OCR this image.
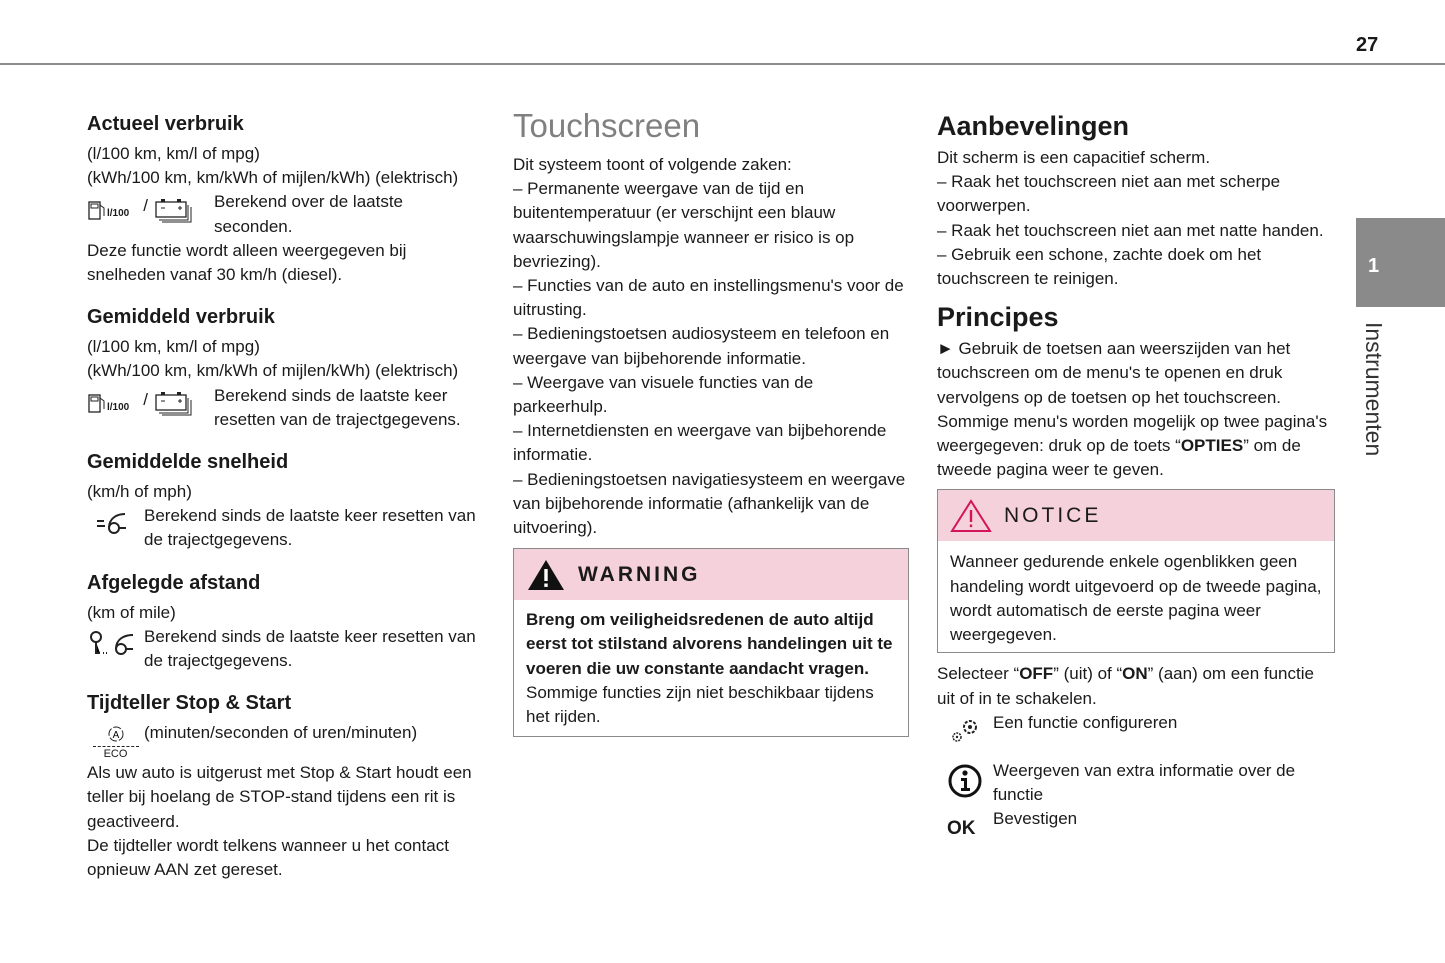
27
1
Instrumenten
Actueel verbruik
(l/100 km, km/l of mpg)
(kWh/100 km, km/kWh of mijlen/kWh) (elektrisch)
l/100 /	Berekend over de laatste seconden.
Deze functie wordt alleen weergegeven bij snelheden vanaf 30 km/h (diesel).
Gemiddeld verbruik
(l/100 km, km/l of mpg)
(kWh/100 km, km/kWh of mijlen/kWh) (elektrisch)
l/100 /	Berekend sinds de laatste keer resetten van de trajectgegevens.
Gemiddelde snelheid
(km/h of mph)
Berekend sinds de laatste keer resetten van de trajectgegevens.
Afgelegde afstand
(km of mile)
Berekend sinds de laatste keer resetten van de trajectgegevens.
Tijdteller Stop & Start
A
ECO
(minuten/seconden of uren/minuten)
Als uw auto is uitgerust met Stop & Start houdt een teller bij hoelang de STOP-stand tijdens een rit is geactiveerd.
De tijdteller wordt telkens wanneer u het contact opnieuw AAN zet gereset.
Touchscreen
Dit systeem toont of volgende zaken:
– Permanente weergave van de tijd en buitentemperatuur (er verschijnt een blauw waarschuwingslampje wanneer er risico is op bevriezing).
– Functies van de auto en instellingsmenu's voor de uitrusting.
– Bedieningstoetsen audiosysteem en telefoon en weergave van bijbehorende informatie.
– Weergave van visuele functies van de parkeerhulp.
– Internetdiensten en weergave van bijbehorende informatie.
– Bedieningstoetsen navigatiesysteem en weergave van bijbehorende informatie (afhankelijk van de uitvoering).
WARNING
Breng om veiligheidsredenen de auto altijd eerst tot stilstand alvorens handelingen uit te voeren die uw constante aandacht vragen.
Sommige functies zijn niet beschikbaar tijdens het rijden.
Aanbevelingen
Dit scherm is een capacitief scherm.
– Raak het touchscreen niet aan met scherpe voorwerpen.
– Raak het touchscreen niet aan met natte handen.
– Gebruik een schone, zachte doek om het touchscreen te reinigen.
Principes
► Gebruik de toetsen aan weerszijden van het touchscreen om de menu's te openen en druk vervolgens op de toetsen op het touchscreen.
Sommige menu's worden mogelijk op twee pagina's weergegeven: druk op de toets “OPTIES” om de tweede pagina weer te geven.
NOTICE
Wanneer gedurende enkele ogenblikken geen handeling wordt uitgevoerd op de tweede pagina, wordt automatisch de eerste pagina weer weergegeven.
Selecteer “OFF” (uit) of “ON” (aan) om een functie uit of in te schakelen.
Een functie configureren
Weergeven van extra informatie over de functie
OK	Bevestigen
